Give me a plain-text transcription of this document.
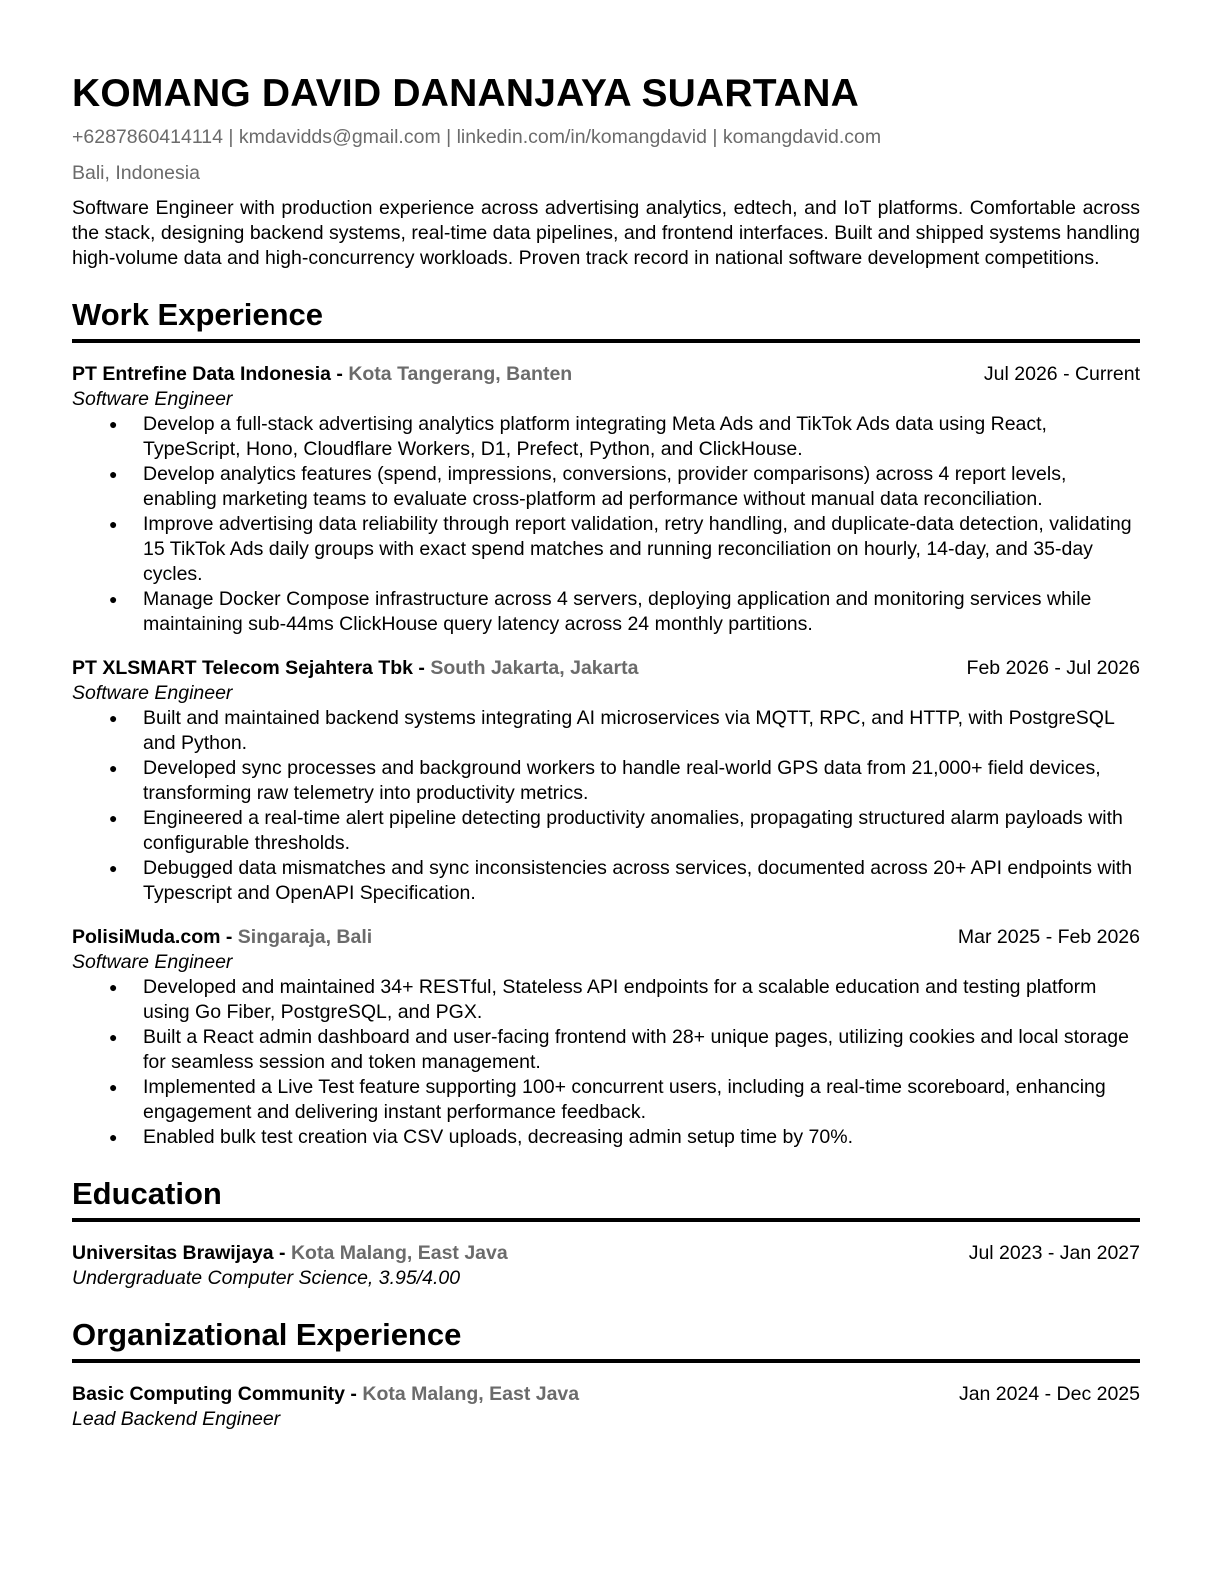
KOMANG DAVID DANANJAYA SUARTANA
+6287860414114 | kmdavidds@gmail.com | linkedin.com/in/komangdavid | komangdavid.com
Bali, Indonesia
Software Engineer with production experience across advertising analytics, edtech, and IoT platforms. Comfortable across the stack, designing backend systems, real-time data pipelines, and frontend interfaces. Built and shipped systems handling high-volume data and high-concurrency workloads. Proven track record in national software development competitions.
Work Experience
PT Entrefine Data Indonesia - Kota Tangerang, Banten	Jul 2026 - Current
Software Engineer
● Develop a full-stack advertising analytics platform integrating Meta Ads and TikTok Ads data using React, TypeScript, Hono, Cloudflare Workers, D1, Prefect, Python, and ClickHouse.
● Develop analytics features (spend, impressions, conversions, provider comparisons) across 4 report levels, enabling marketing teams to evaluate cross-platform ad performance without manual data reconciliation.
● Improve advertising data reliability through report validation, retry handling, and duplicate-data detection, validating 15 TikTok Ads daily groups with exact spend matches and running reconciliation on hourly, 14-day, and 35-day cycles.
● Manage Docker Compose infrastructure across 4 servers, deploying application and monitoring services while maintaining sub-44ms ClickHouse query latency across 24 monthly partitions.
PT XLSMART Telecom Sejahtera Tbk - South Jakarta, Jakarta	Feb 2026 - Jul 2026
Software Engineer
● Built and maintained backend systems integrating AI microservices via MQTT, RPC, and HTTP, with PostgreSQL and Python.
● Developed sync processes and background workers to handle real-world GPS data from 21,000+ field devices, transforming raw telemetry into productivity metrics.
● Engineered a real-time alert pipeline detecting productivity anomalies, propagating structured alarm payloads with configurable thresholds.
● Debugged data mismatches and sync inconsistencies across services, documented across 20+ API endpoints with Typescript and OpenAPI Specification.
PolisiMuda.com - Singaraja, Bali	Mar 2025 - Feb 2026
Software Engineer
● Developed and maintained 34+ RESTful, Stateless API endpoints for a scalable education and testing platform using Go Fiber, PostgreSQL, and PGX.
● Built a React admin dashboard and user-facing frontend with 28+ unique pages, utilizing cookies and local storage for seamless session and token management.
● Implemented a Live Test feature supporting 100+ concurrent users, including a real-time scoreboard, enhancing engagement and delivering instant performance feedback.
● Enabled bulk test creation via CSV uploads, decreasing admin setup time by 70%.
Education
Universitas Brawijaya - Kota Malang, East Java	Jul 2023 - Jan 2027
Undergraduate Computer Science, 3.95/4.00
Organizational Experience
Basic Computing Community - Kota Malang, East Java	Jan 2024 - Dec 2025
Lead Backend Engineer
